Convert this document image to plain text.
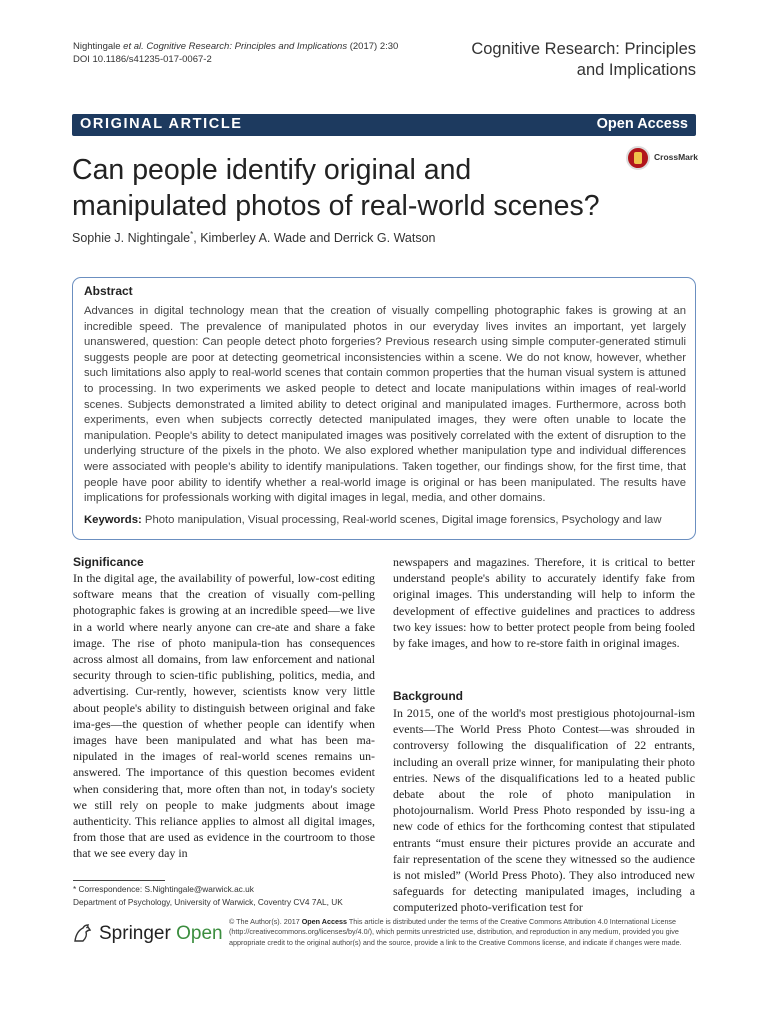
Nightingale et al. Cognitive Research: Principles and Implications (2017) 2:30
DOI 10.1186/s41235-017-0067-2
Cognitive Research: Principles
and Implications
ORIGINAL ARTICLE	Open Access
Can people identify original and manipulated photos of real-world scenes?
CrossMark
Sophie J. Nightingale*, Kimberley A. Wade and Derrick G. Watson
Abstract
Advances in digital technology mean that the creation of visually compelling photographic fakes is growing at an incredible speed. The prevalence of manipulated photos in our everyday lives invites an important, yet largely unanswered, question: Can people detect photo forgeries? Previous research using simple computer-generated stimuli suggests people are poor at detecting geometrical inconsistencies within a scene. We do not know, however, whether such limitations also apply to real-world scenes that contain common properties that the human visual system is attuned to processing. In two experiments we asked people to detect and locate manipulations within images of real-world scenes. Subjects demonstrated a limited ability to detect original and manipulated images. Furthermore, across both experiments, even when subjects correctly detected manipulated images, they were often unable to locate the manipulation. People's ability to detect manipulated images was positively correlated with the extent of disruption to the underlying structure of the pixels in the photo. We also explored whether manipulation type and individual differences were associated with people's ability to identify manipulations. Taken together, our findings show, for the first time, that people have poor ability to identify whether a real-world image is original or has been manipulated. The results have implications for professionals working with digital images in legal, media, and other domains.
Keywords: Photo manipulation, Visual processing, Real-world scenes, Digital image forensics, Psychology and law
Significance
In the digital age, the availability of powerful, low-cost editing software means that the creation of visually com-pelling photographic fakes is growing at an incredible speed—we live in a world where nearly anyone can cre-ate and share a fake image. The rise of photo manipula-tion has consequences across almost all domains, from law enforcement and national security through to scien-tific publishing, politics, media, and advertising. Cur-rently, however, scientists know very little about people's ability to distinguish between original and fake ima-ges—the question of whether people can identify when images have been manipulated and what has been ma-nipulated in the images of real-world scenes remains un-answered. The importance of this question becomes evident when considering that, more often than not, in today's society we still rely on people to make judgments about image authenticity. This reliance applies to almost all digital images, from those that are used as evidence in the courtroom to those that we see every day in
newspapers and magazines. Therefore, it is critical to better understand people's ability to accurately identify fake from original images. This understanding will help to inform the development of effective guidelines and practices to address two key issues: how to better protect people from being fooled by fake images, and how to re-store faith in original images.
Background
In 2015, one of the world's most prestigious photojournal-ism events—The World Press Photo Contest—was shrouded in controversy following the disqualification of 22 entrants, including an overall prize winner, for manipulating their photo entries. News of the disqualifications led to a heated public debate about the role of photo manipulation in photojournalism. World Press Photo responded by issu-ing a new code of ethics for the forthcoming contest that stipulated entrants “must ensure their pictures provide an accurate and fair representation of the scene they witnessed so the audience is not misled” (World Press Photo). They also introduced new safeguards for detecting manipulated images, including a computerized photo-verification test for
* Correspondence: S.Nightingale@warwick.ac.uk
Department of Psychology, University of Warwick, Coventry CV4 7AL, UK
Springer Open
© The Author(s). 2017 Open Access This article is distributed under the terms of the Creative Commons Attribution 4.0 International License (http://creativecommons.org/licenses/by/4.0/), which permits unrestricted use, distribution, and reproduction in any medium, provided you give appropriate credit to the original author(s) and the source, provide a link to the Creative Commons license, and indicate if changes were made.
